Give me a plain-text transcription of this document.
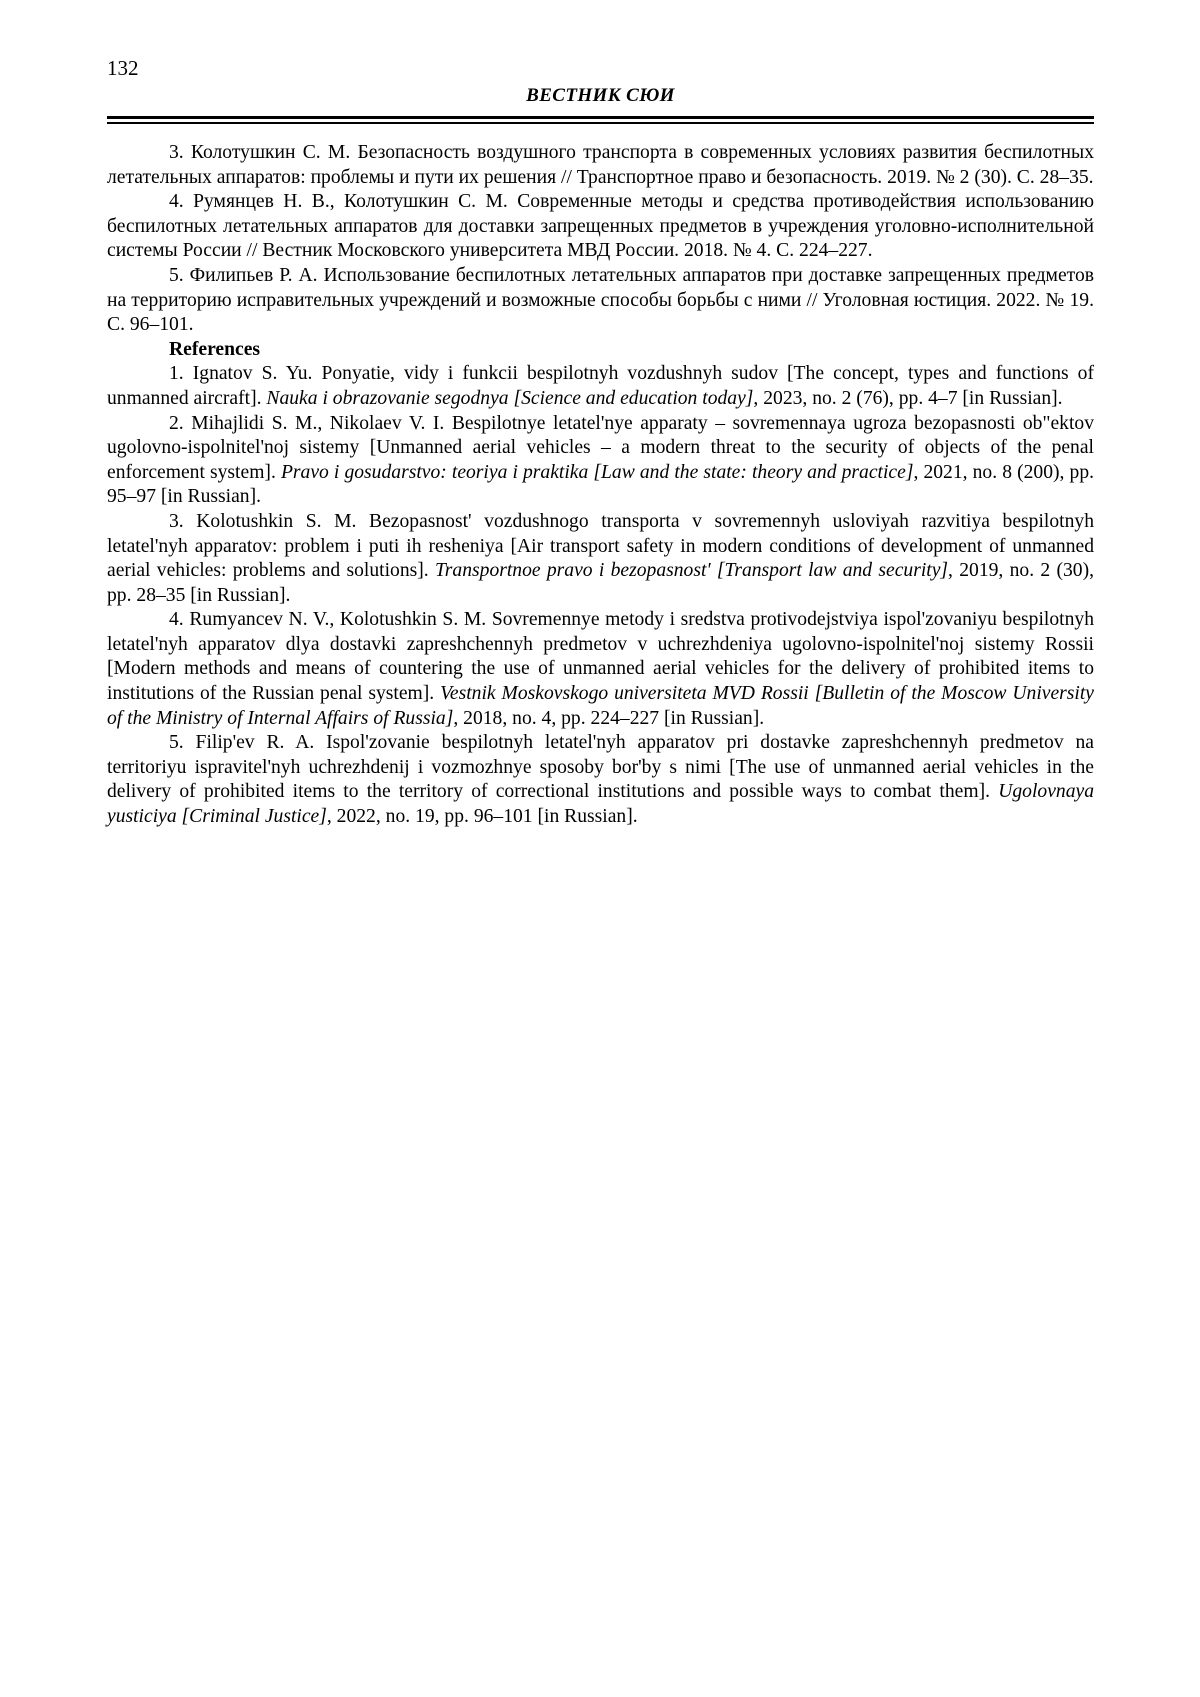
132
ВЕСТНИК СЮИ

3. Колотушкин С. М. Безопасность воздушного транспорта в современных условиях развития беспилотных летательных аппаратов: проблемы и пути их решения // Транспортное право и безопасность. 2019. № 2 (30). С. 28–35.

4. Румянцев Н. В., Колотушкин С. М. Современные методы и средства противодействия использованию беспилотных летательных аппаратов для доставки запрещенных предметов в учреждения уголовно-исполнительной системы России // Вестник Московского университета МВД России. 2018. № 4. С. 224–227.

5. Филипьев Р. А. Использование беспилотных летательных аппаратов при доставке запрещенных предметов на территорию исправительных учреждений и возможные способы борьбы с ними // Уголовная юстиция. 2022. № 19. С. 96–101.

References

1. Ignatov S. Yu. Ponyatie, vidy i funkcii bespilotnyh vozdushnyh sudov [The concept, types and functions of unmanned aircraft]. Nauka i obrazovanie segodnya [Science and education today], 2023, no. 2 (76), pp. 4–7 [in Russian].

2. Mihajlidi S. M., Nikolaev V. I. Bespilotnye letatel'nye apparaty – sovremennaya ugroza bezopasnosti ob"ektov ugolovno-ispolnitel'noj sistemy [Unmanned aerial vehicles – a modern threat to the security of objects of the penal enforcement system]. Pravo i gosudarstvo: teoriya i praktika [Law and the state: theory and practice], 2021, no. 8 (200), pp. 95–97 [in Russian].

3. Kolotushkin S. M. Bezopasnost' vozdushnogo transporta v sovremennyh usloviyah razvitiya bespilotnyh letatel'nyh apparatov: problem i puti ih resheniya [Air transport safety in modern conditions of development of unmanned aerial vehicles: problems and solutions]. Transportnoe pravo i bezopasnost' [Transport law and security], 2019, no. 2 (30), pp. 28–35 [in Russian].

4. Rumyancev N. V., Kolotushkin S. M. Sovremennye metody i sredstva protivodejstviya ispol'zovaniyu bespilotnyh letatel'nyh apparatov dlya dostavki zapreshchennyh predmetov v uchrezhdeniya ugolovno-ispolnitel'noj sistemy Rossii [Modern methods and means of countering the use of unmanned aerial vehicles for the delivery of prohibited items to institutions of the Russian penal system]. Vestnik Moskovskogo universiteta MVD Rossii [Bulletin of the Moscow University of the Ministry of Internal Affairs of Russia], 2018, no. 4, pp. 224–227 [in Russian].

5. Filip'ev R. A. Ispol'zovanie bespilotnyh letatel'nyh apparatov pri dostavke zapreshchennyh predmetov na territoriyu ispravitel'nyh uchrezhdenij i vozmozhnye sposoby bor'by s nimi [The use of unmanned aerial vehicles in the delivery of prohibited items to the territory of correctional institutions and possible ways to combat them]. Ugolovnaya yusticiya [Criminal Justice], 2022, no. 19, pp. 96–101 [in Russian].
